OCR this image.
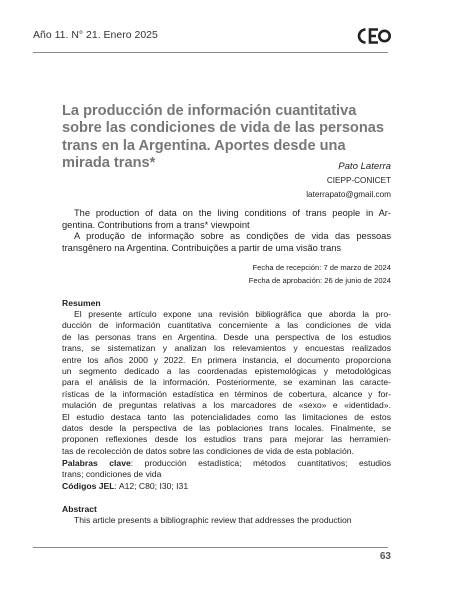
Año 11. N° 21. Enero 2025
La producción de información cuantitativa sobre las condiciones de vida de las personas trans en la Argentina. Aportes desde una mirada trans*	Pato Laterra
CIEPP-CONICET
laterrapato@gmail.com

The production of data on the living conditions of trans people in Ar-

gentina. Contributions from a trans* viewpoint

A produção de informação sobre as condições de vida das pessoas

transgênero na Argentina. Contribuições a partir de uma visão trans

Fecha de recepción: 7 de marzo de 2024
Fecha de aprobación: 26 de junio de 2024
Resumen
El presente artículo expone una revisión bibliográfica que aborda la pro-
ducción de información cuantitativa concerniente a las condiciones de vida
de las personas trans en Argentina. Desde una perspectiva de los estudios
trans, se sistematizan y analizan los relevamientos y encuestas realizados
entre los años 2000 y 2022. En primera instancia, el documento proporciona
un segmento dedicado a las coordenadas epistemológicas y metodológicas
para el análisis de la información. Posteriormente, se examinan las caracte-
rísticas de la información estadística en términos de cobertura, alcance y for-
mulación de preguntas relativas a los marcadores de «sexo» e «identidad».
El estudio destaca tanto las potencialidades como las limitaciones de estos
datos desde la perspectiva de las poblaciones trans locales. Finalmente, se
proponen reflexiones desde los estudios trans para mejorar las herramien-
tas de recolección de datos sobre las condiciones de vida de esta población.
Palabras clave: producción estadística; métodos cuantitativos; estudios
trans; condiciones de vida
Códigos JEL: A12; C80; I30; I31
Abstract
This article presents a bibliographic review that addresses the production
63
